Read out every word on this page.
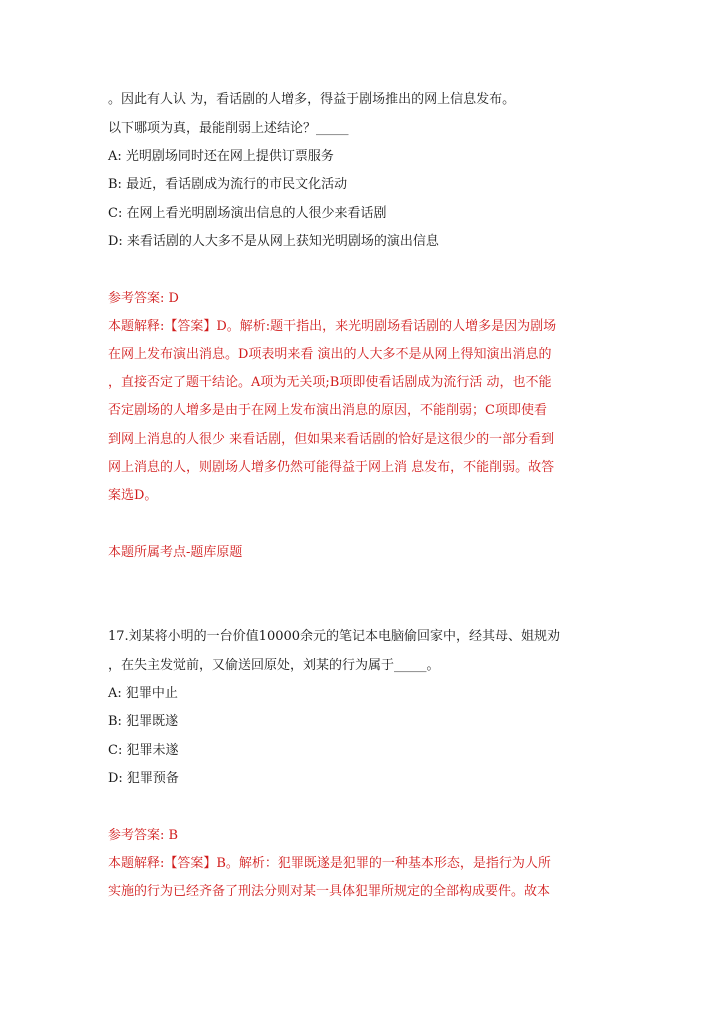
。因此有人认 为，看话剧的人增多，得益于剧场推出的网上信息发布。
以下哪项为真，最能削弱上述结论？_____
A: 光明剧场同时还在网上提供订票服务
B: 最近，看话剧成为流行的市民文化活动
C: 在网上看光明剧场演出信息的人很少来看话剧
D: 来看话剧的人大多不是从网上获知光明剧场的演出信息
参考答案: D
本题解释:【答案】D。解析:题干指出，来光明剧场看话剧的人增多是因为剧场
在网上发布演出消息。D项表明来看 演出的人大多不是从网上得知演出消息的
，直接否定了题干结论。A项为无关项;B项即使看话剧成为流行活 动，也不能
否定剧场的人增多是由于在网上发布演出消息的原因，不能削弱；C项即使看
到网上消息的人很少 来看话剧，但如果来看话剧的恰好是这很少的一部分看到
网上消息的人，则剧场人增多仍然可能得益于网上消 息发布，不能削弱。故答
案选D。
本题所属考点-题库原题
17.刘某将小明的一台价值10000余元的笔记本电脑偷回家中，经其母、姐规劝
，在失主发觉前，又偷送回原处，刘某的行为属于_____。
A: 犯罪中止
B: 犯罪既遂
C: 犯罪未遂
D: 犯罪预备
参考答案: B
本题解释:【答案】B。解析：犯罪既遂是犯罪的一种基本形态，是指行为人所
实施的行为已经齐备了刑法分则对某一具体犯罪所规定的全部构成要件。故本
